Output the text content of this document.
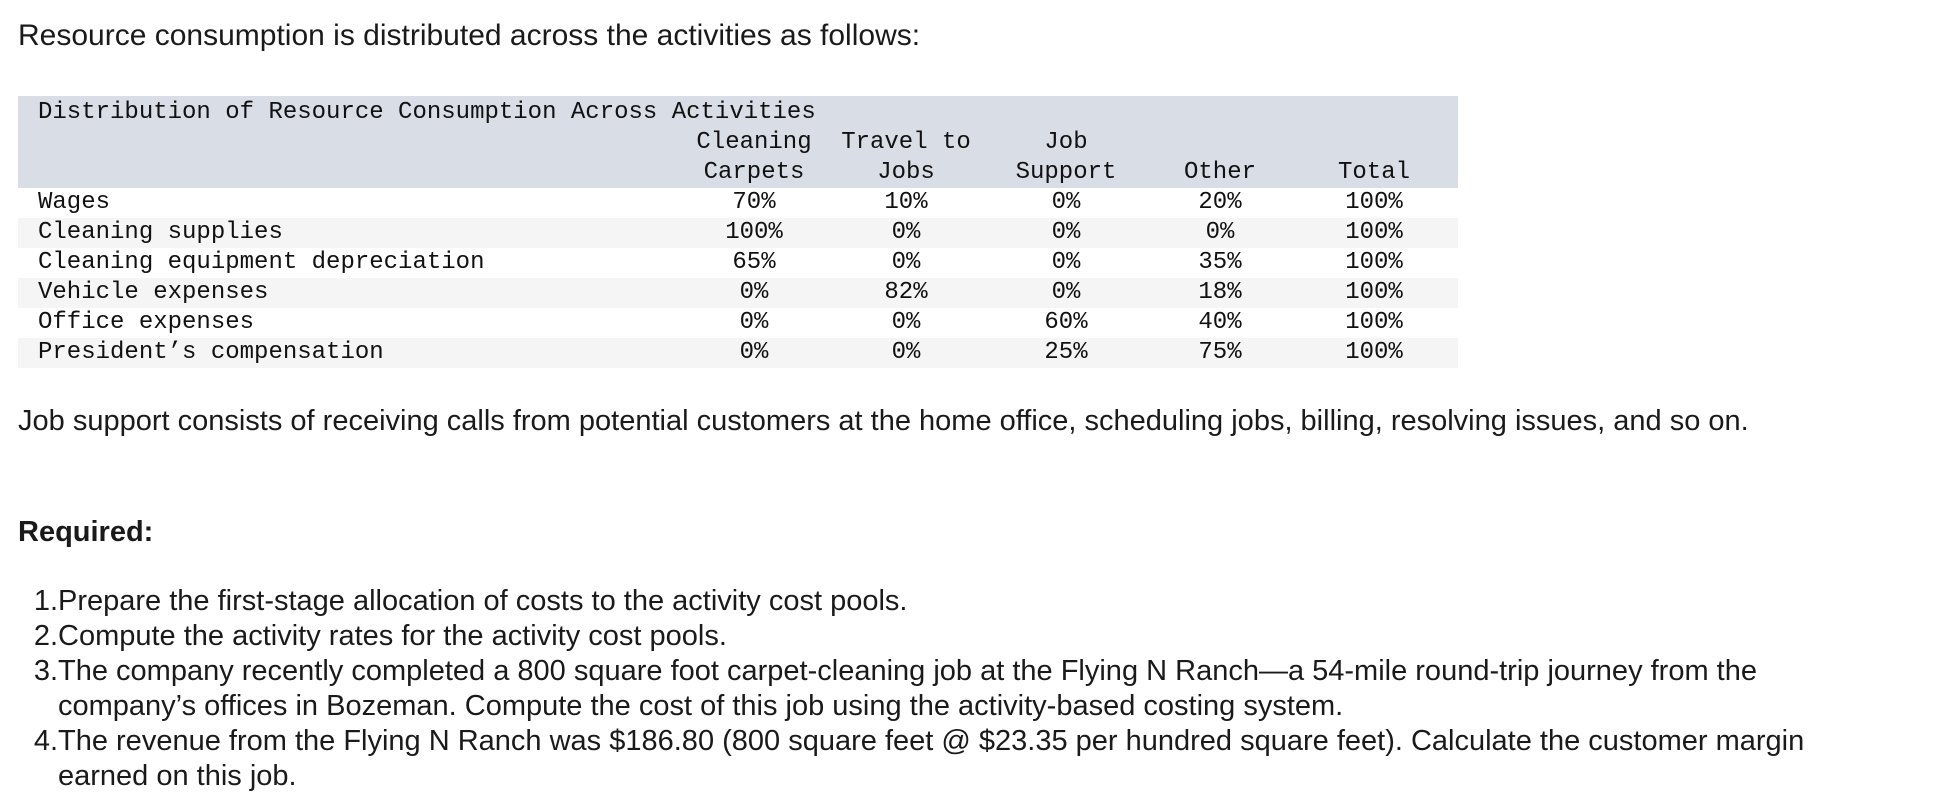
Resource consumption is distributed across the activities as follows:

Distribution of Resource Consumption Across Activities
Cleaning	Travel to	Job
Carpets	Jobs	Support	Other	Total
Wages	70%	10%	0%	20%	100%
Cleaning supplies	100%	0%	0%	0%	100%
Cleaning equipment depreciation	65%	0%	0%	35%	100%
Vehicle expenses	0%	82%	0%	18%	100%
Office expenses	0%	0%	60%	40%	100%
President’s compensation	0%	0%	25%	75%	100%

Job support consists of receiving calls from potential customers at the home office, scheduling jobs, billing, resolving issues, and so on.

Required:

1. Prepare the first-stage allocation of costs to the activity cost pools.
2. Compute the activity rates for the activity cost pools.
3. The company recently completed a 800 square foot carpet-cleaning job at the Flying N Ranch—a 54-mile round-trip journey from the company’s offices in Bozeman. Compute the cost of this job using the activity-based costing system.
4. The revenue from the Flying N Ranch was $186.80 (800 square feet @ $23.35 per hundred square feet). Calculate the customer margin earned on this job.
